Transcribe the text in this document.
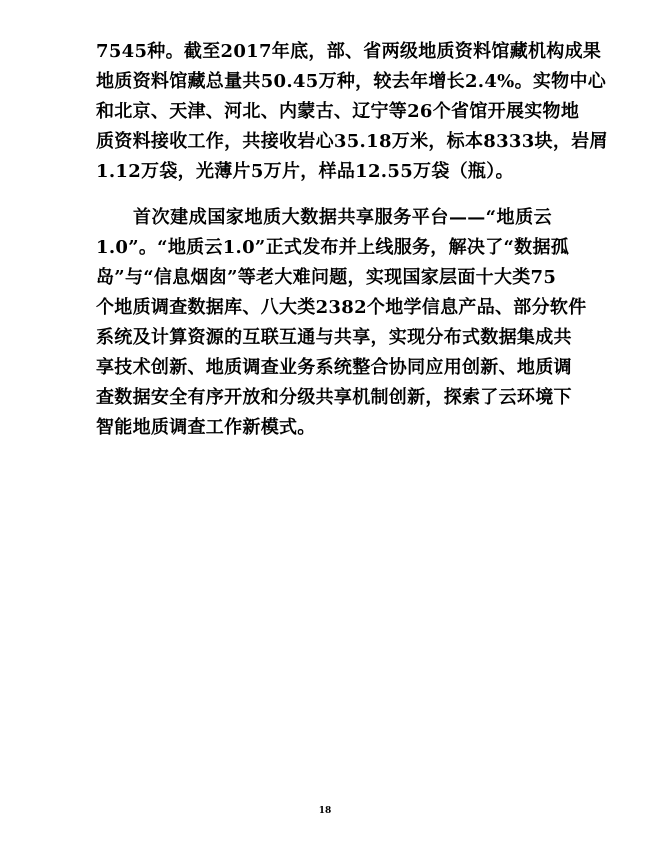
7545种。截至2017年底，部、省两级地质资料馆藏机构成果
地质资料馆藏总量共50.45万种，较去年增长2.4%。实物中心
和北京、天津、河北、内蒙古、辽宁等26个省馆开展实物地
质资料接收工作，共接收岩心35.18万米，标本8333块，岩屑
1.12万袋，光薄片5万片，样品12.55万袋（瓶）。
首次建成国家地质大数据共享服务平台——“地质云
1.0”。“地质云1.0”正式发布并上线服务，解决了“数据孤
岛”与“信息烟囱”等老大难问题，实现国家层面十大类75
个地质调查数据库、八大类2382个地学信息产品、部分软件
系统及计算资源的互联互通与共享，实现分布式数据集成共
享技术创新、地质调查业务系统整合协同应用创新、地质调
查数据安全有序开放和分级共享机制创新，探索了云环境下
智能地质调查工作新模式。
18
